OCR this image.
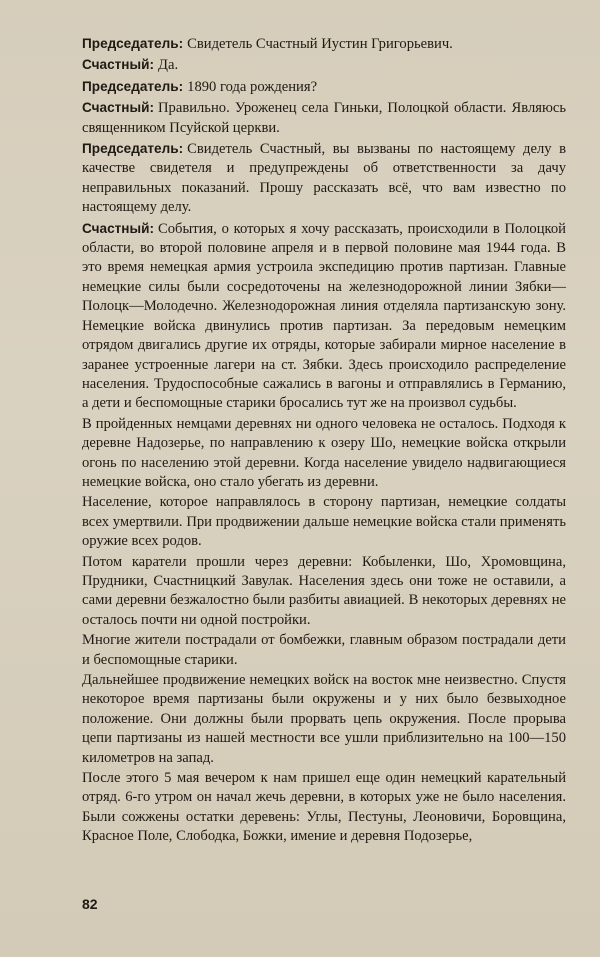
Председатель: Свидетель Счастный Иустин Григорьевич.

Счастный: Да.

Председатель: 1890 года рождения?

Счастный: Правильно. Уроженец села Гиньки, Полоцкой области. Являюсь священником Псуйской церкви.

Председатель: Свидетель Счастный, вы вызваны по настоящему делу в качестве свидетеля и предупреждены об ответственности за дачу неправильных показаний. Прошу рассказать всё, что вам известно по настоящему делу.

Счастный: События, о которых я хочу рассказать, происходили в Полоцкой области, во второй половине апреля и в первой половине мая 1944 года. В это время немецкая армия устроила экспедицию против партизан. Главные немецкие силы были сосредоточены на железнодорожной линии Зябки—Полоцк—Молодечно. Железнодорожная линия отделяла партизанскую зону. Немецкие войска двинулись против партизан. За передовым немецким отрядом двигались другие их отряды, которые забирали мирное население в заранее устроенные лагери на ст. Зябки. Здесь происходило распределение населения. Трудоспособные сажались в вагоны и отправлялись в Германию, а дети и беспомощные старики бросались тут же на произвол судьбы.

В пройденных немцами деревнях ни одного человека не осталось. Подходя к деревне Надозерье, по направлению к озеру Шо, немецкие войска открыли огонь по населению этой деревни. Когда население увидело надвигающиеся немецкие войска, оно стало убегать из деревни.

Население, которое направлялось в сторону партизан, немецкие солдаты всех умертвили. При продвижении дальше немецкие войска стали применять оружие всех родов.

Потом каратели прошли через деревни: Кобыленки, Шо, Хромовщина, Прудники, Счастницкий Завулак. Населения здесь они тоже не оставили, а сами деревни безжалостно были разбиты авиацией. В некоторых деревнях не осталось почти ни одной постройки.

Многие жители пострадали от бомбежки, главным образом пострадали дети и беспомощные старики.

Дальнейшее продвижение немецких войск на восток мне неизвестно. Спустя некоторое время партизаны были окружены и у них было безвыходное положение. Они должны были прорвать цепь окружения. После прорыва цепи партизаны из нашей местности все ушли приблизительно на 100—150 километров на запад.

После этого 5 мая вечером к нам пришел еще один немецкий карательный отряд. 6-го утром он начал жечь деревни, в которых уже не было населения. Были сожжены остатки деревень: Углы, Пестуны, Леоновичи, Боровщина, Красное Поле, Слободка, Божки, имение и деревня Подозерье,

82
